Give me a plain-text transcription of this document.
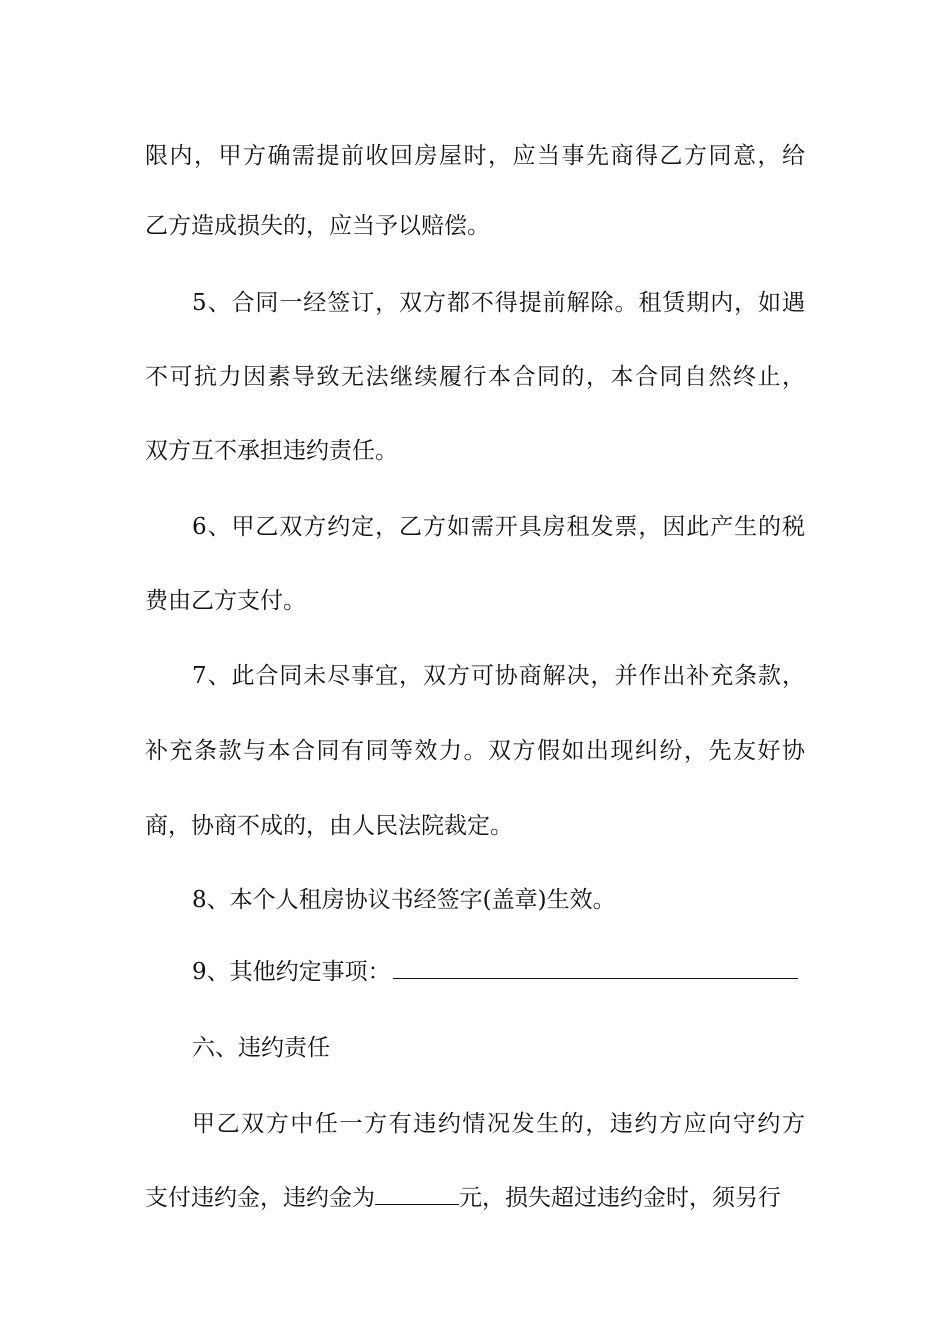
限内，甲方确需提前收回房屋时，应当事先商得乙方同意，给
乙方造成损失的，应当予以赔偿。
5、合同一经签订，双方都不得提前解除。租赁期内，如遇
不可抗力因素导致无法继续履行本合同的，本合同自然终止，
双方互不承担违约责任。
6、甲乙双方约定，乙方如需开具房租发票，因此产生的税
费由乙方支付。
7、此合同未尽事宜，双方可协商解决，并作出补充条款，
补充条款与本合同有同等效力。双方假如出现纠纷，先友好协
商，协商不成的，由人民法院裁定。
8、本个人租房协议书经签字(盖章)生效。
9、其他约定事项：
六、违约责任
甲乙双方中任一方有违约情况发生的，违约方应向守约方
支付违约金，违约金为	元，损失超过违约金时，须另行
